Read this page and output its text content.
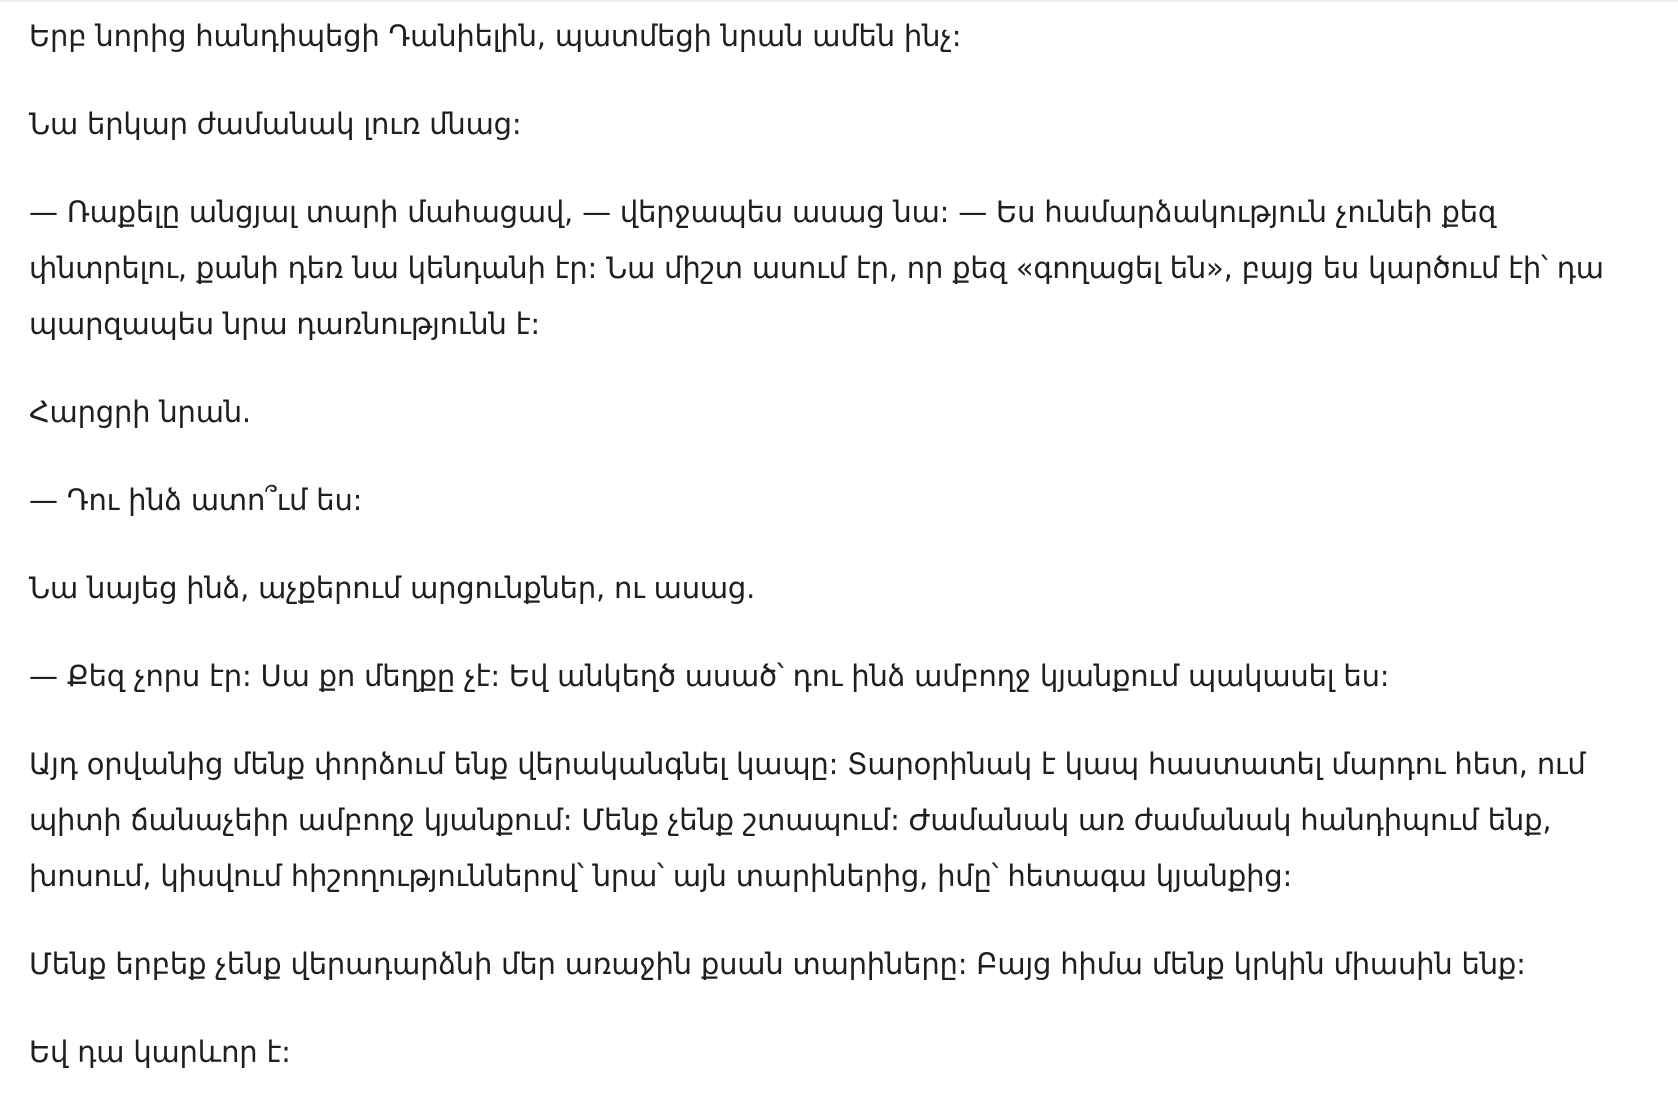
Երբ նորից հանդիպեցի Դանիելին, պատմեցի նրան ամեն ինչ:

Նա երկար ժամանակ լուռ մնաց:

— Ռաքելը անցյալ տարի մահացավ, — վերջապես ասաց նա: — Ես համարձակություն չունեի քեզ փնտրելու, քանի դեռ նա կենդանի էր: Նա միշտ ասում էր, որ քեզ «գողացել են», բայց ես կարծում էի՝ դա պարզապես նրա դառնությունն է:

Հարցրի նրան.

— Դու ինձ ատո՞ւմ ես:

Նա նայեց ինձ, աչքերում արցունքներ, ու ասաց.

— Քեզ չորս էր: Սա քո մեղքը չէ: Եվ անկեղծ ասած՝ դու ինձ ամբողջ կյանքում պակասել ես:

Այդ օրվանից մենք փորձում ենք վերականգնել կապը: Տարօրինակ է կապ հաստատել մարդու հետ, ում պիտի ճանաչեիր ամբողջ կյանքում: Մենք չենք շտապում: Ժամանակ առ ժամանակ հանդիպում ենք, խոսում, կիսվում հիշողություններով՝ նրա՝ այն տարիներից, իմը՝ հետագա կյանքից:

Մենք երբեք չենք վերադարձնի մեր առաջին քսան տարիները: Բայց հիմա մենք կրկին միասին ենք:

Եվ դա կարևոր է:
